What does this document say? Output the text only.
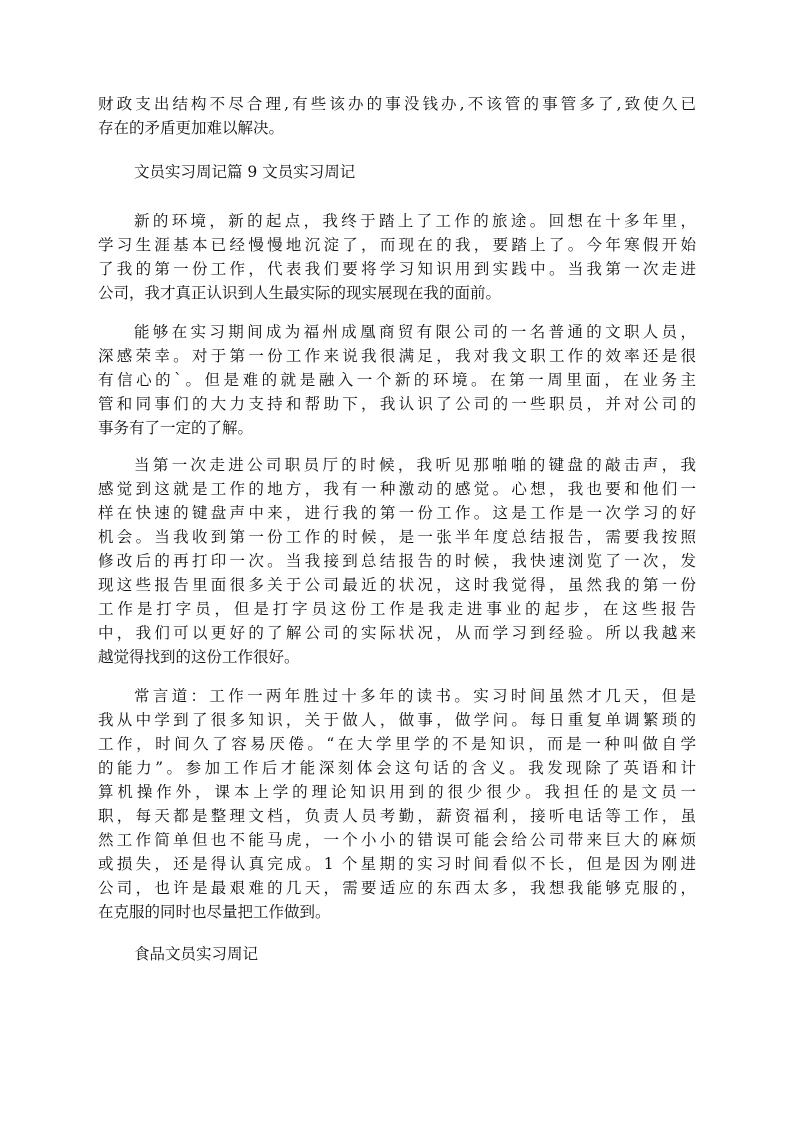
财政支出结构不尽合理,有些该办的事没钱办,不该管的事管多了,致使久已
存在的矛盾更加难以解决。
文员实习周记篇 9 文员实习周记
新的环境，新的起点，我终于踏上了工作的旅途。回想在十多年里，
学习生涯基本已经慢慢地沉淀了，而现在的我，要踏上了。今年寒假开始
了我的第一份工作，代表我们要将学习知识用到实践中。当我第一次走进
公司，我才真正认识到人生最实际的现实展现在我的面前。
能够在实习期间成为福州成凰商贸有限公司的一名普通的文职人员，
深感荣幸。对于第一份工作来说我很满足，我对我文职工作的效率还是很
有信心的`。但是难的就是融入一个新的环境。在第一周里面，在业务主
管和同事们的大力支持和帮助下，我认识了公司的一些职员，并对公司的
事务有了一定的了解。
当第一次走进公司职员厅的时候，我听见那啪啪的键盘的敲击声，我
感觉到这就是工作的地方，我有一种激动的感觉。心想，我也要和他们一
样在快速的键盘声中来，进行我的第一份工作。这是工作是一次学习的好
机会。当我收到第一份工作的时候，是一张半年度总结报告，需要我按照
修改后的再打印一次。当我接到总结报告的时候，我快速浏览了一次，发
现这些报告里面很多关于公司最近的状况，这时我觉得，虽然我的第一份
工作是打字员，但是打字员这份工作是我走进事业的起步，在这些报告
中，我们可以更好的了解公司的实际状况，从而学习到经验。所以我越来
越觉得找到的这份工作很好。
常言道：工作一两年胜过十多年的读书。实习时间虽然才几天，但是
我从中学到了很多知识，关于做人，做事，做学问。每日重复单调繁琐的
工作，时间久了容易厌倦。“在大学里学的不是知识，而是一种叫做自学
的能力”。参加工作后才能深刻体会这句话的含义。我发现除了英语和计
算机操作外，课本上学的理论知识用到的很少很少。我担任的是文员一
职，每天都是整理文档，负责人员考勤，薪资福利，接听电话等工作，虽
然工作简单但也不能马虎，一个小小的错误可能会给公司带来巨大的麻烦
或损失，还是得认真完成。1 个星期的实习时间看似不长，但是因为刚进
公司，也许是最艰难的几天，需要适应的东西太多，我想我能够克服的，
在克服的同时也尽量把工作做到。
食品文员实习周记
